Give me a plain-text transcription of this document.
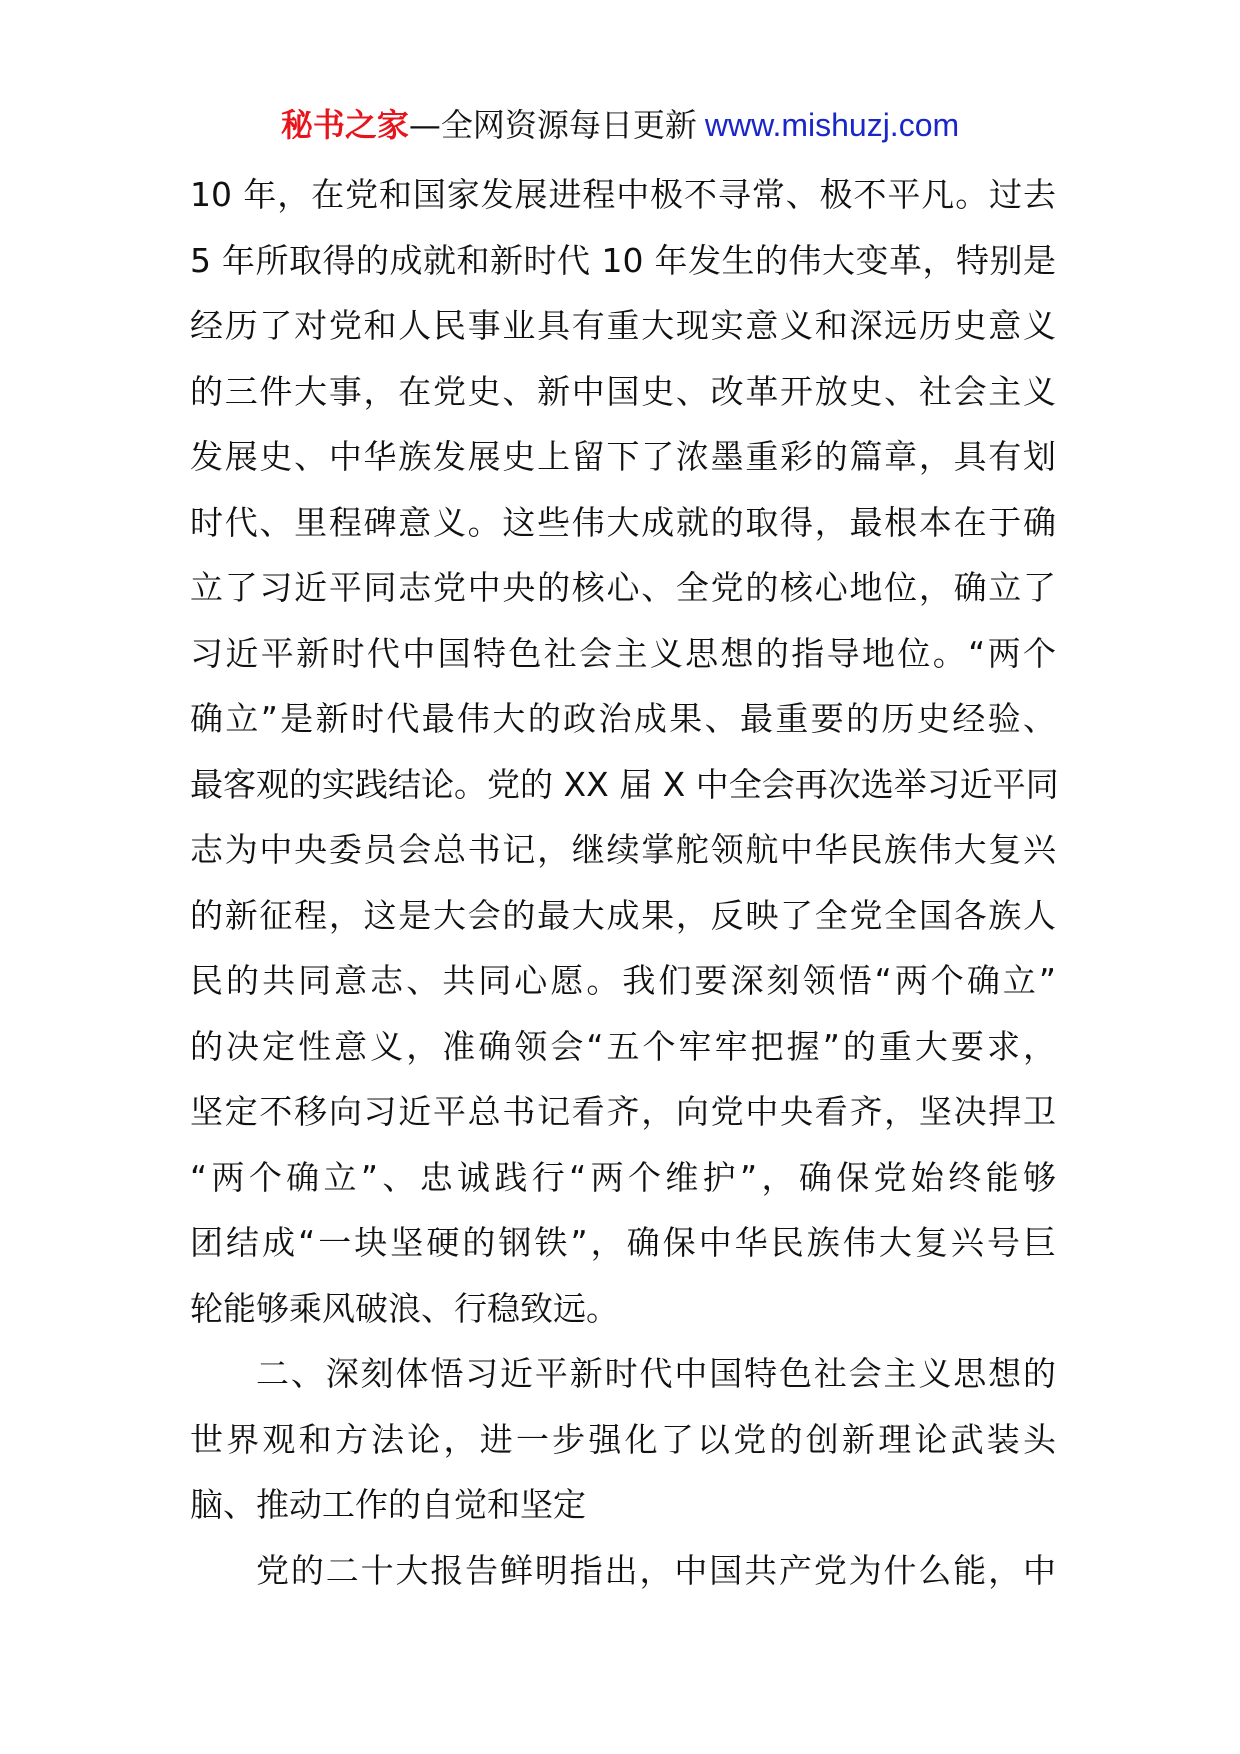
秘书之家—全网资源每日更新 www.mishuzj.com
10 年，在党和国家发展进程中极不寻常、极不平凡。过去
5 年所取得的成就和新时代 10 年发生的伟大变革，特别是
经历了对党和人民事业具有重大现实意义和深远历史意义
的三件大事，在党史、新中国史、改革开放史、社会主义
发展史、中华族发展史上留下了浓墨重彩的篇章，具有划
时代、里程碑意义。这些伟大成就的取得，最根本在于确
立了习近平同志党中央的核心、全党的核心地位，确立了
习近平新时代中国特色社会主义思想的指导地位。“两个
确立”是新时代最伟大的政治成果、最重要的历史经验、
最客观的实践结论。党的 XX 届 X 中全会再次选举习近平同
志为中央委员会总书记，继续掌舵领航中华民族伟大复兴
的新征程，这是大会的最大成果，反映了全党全国各族人
民的共同意志、共同心愿。我们要深刻领悟“两个确立”
的决定性意义，准确领会“五个牢牢把握”的重大要求，
坚定不移向习近平总书记看齐，向党中央看齐，坚决捍卫
“两个确立”、忠诚践行“两个维护”，确保党始终能够
团结成“一块坚硬的钢铁”，确保中华民族伟大复兴号巨
轮能够乘风破浪、行稳致远。
二、深刻体悟习近平新时代中国特色社会主义思想的
世界观和方法论，进一步强化了以党的创新理论武装头
脑、推动工作的自觉和坚定
党的二十大报告鲜明指出，中国共产党为什么能，中
